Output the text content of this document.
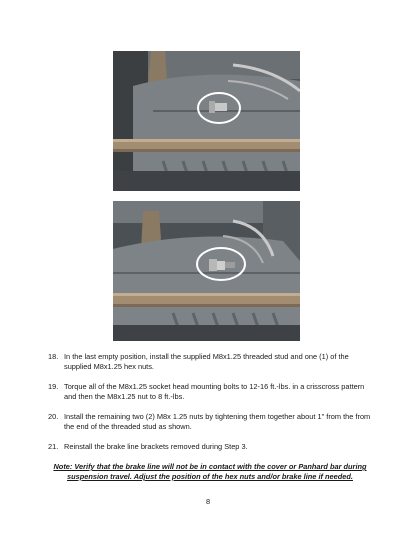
18. In the last empty position, install the supplied M8x1.25 threaded stud and one (1) of the supplied M8x1.25 hex nuts.
19. Torque all of the M8x1.25 socket head mounting bolts to 12-16 ft.-lbs. in a crisscross pattern and then the M8x1.25 nut to 8 ft.-lbs.
20. Install the remaining two (2) M8x 1.25 nuts by tightening them together about 1" from the from the end of the threaded stud as shown.
21. Reinstall the brake line brackets removed during Step 3.
Note: Verify that the brake line will not be in contact with the cover or Panhard bar during suspension travel. Adjust the position of the hex nuts and/or brake line if needed.
8
